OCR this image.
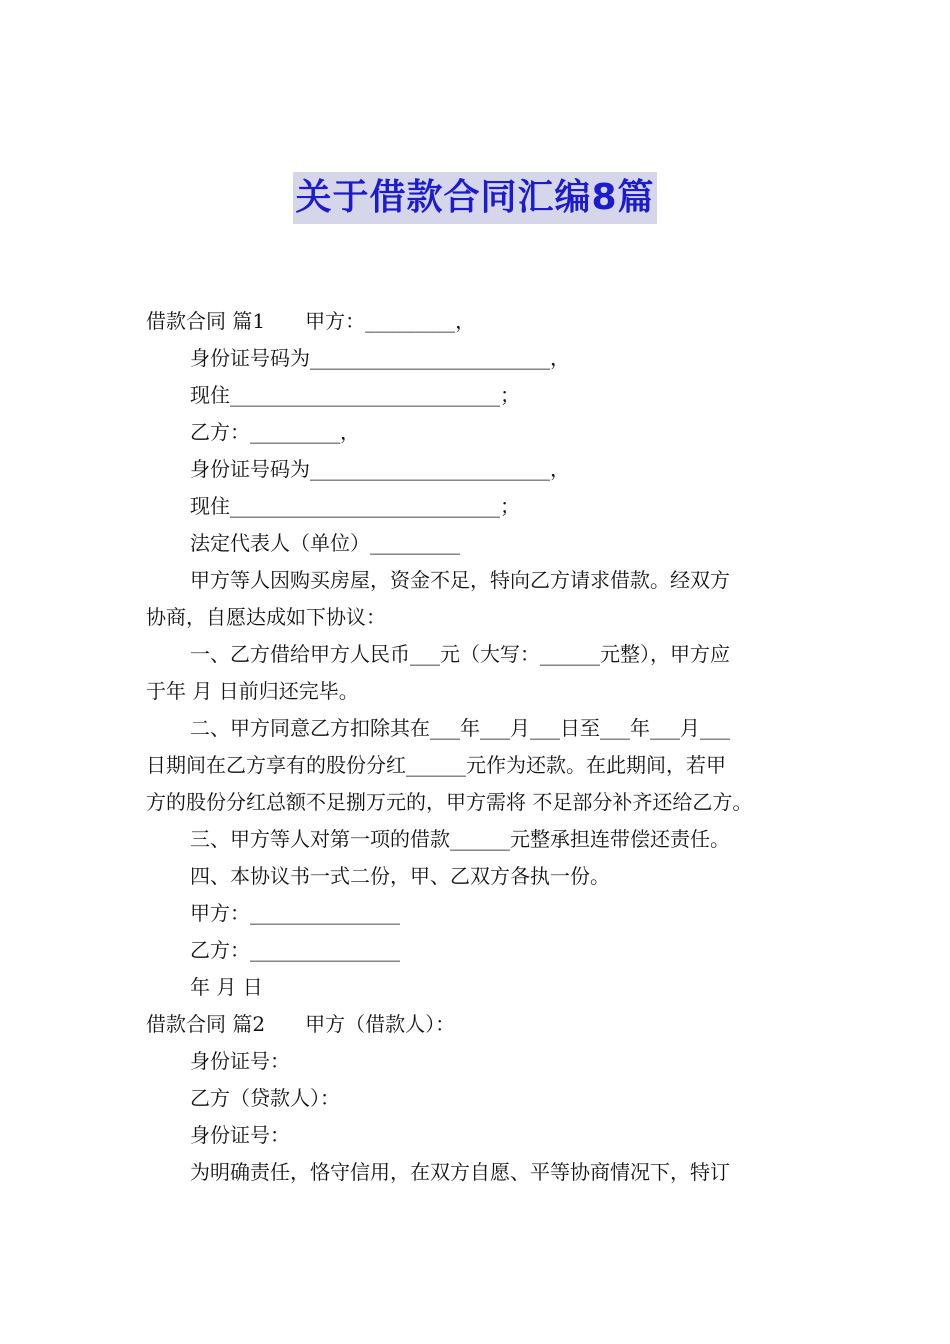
关于借款合同汇编8篇

借款合同 篇1 甲方：_________，

身份证号码为________________________，

现住___________________________；

乙方：_________，

身份证号码为________________________，

现住___________________________；

法定代表人（单位）_________

甲方等人因购买房屋，资金不足，特向乙方请求借款。经双方

协商，自愿达成如下协议：

一、乙方借给甲方人民币___元（大写：______元整），甲方应

于年 月 日前归还完毕。

二、甲方同意乙方扣除其在___年___月___日至___年___月___

日期间在乙方享有的股份分红______元作为还款。在此期间，若甲

方的股份分红总额不足捌万元的，甲方需将 不足部分补齐还给乙方。

三、甲方等人对第一项的借款______元整承担连带偿还责任。

四、本协议书一式二份，甲、乙双方各执一份。

甲方：_______________

乙方：_______________

年 月 日

借款合同 篇2 甲方（借款人）：

身份证号：

乙方（贷款人）：

身份证号：

为明确责任，恪守信用，在双方自愿、平等协商情况下，特订
